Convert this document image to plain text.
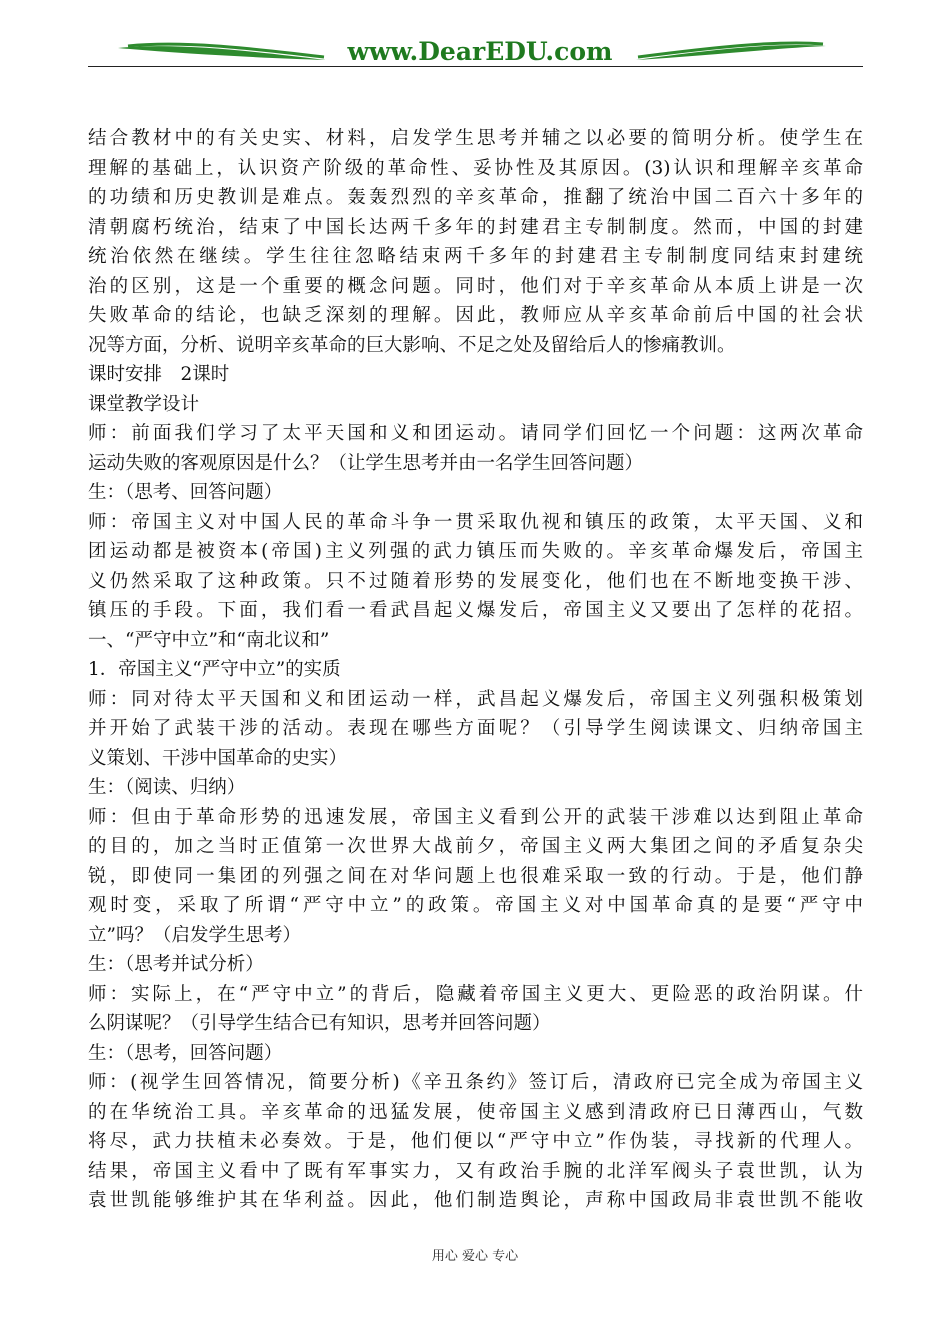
www.DearEDU.com
结合教材中的有关史实、材料，启发学生思考并辅之以必要的简明分析。使学生在
理解的基础上，认识资产阶级的革命性、妥协性及其原因。(3)认识和理解辛亥革命
的功绩和历史教训是难点。轰轰烈烈的辛亥革命，推翻了统治中国二百六十多年的
清朝腐朽统治，结束了中国长达两千多年的封建君主专制制度。然而，中国的封建
统治依然在继续。学生往往忽略结束两千多年的封建君主专制制度同结束封建统
治的区别，这是一个重要的概念问题。同时，他们对于辛亥革命从本质上讲是一次
失败革命的结论，也缺乏深刻的理解。因此，教师应从辛亥革命前后中国的社会状
况等方面，分析、说明辛亥革命的巨大影响、不足之处及留给后人的惨痛教训。
课时安排　2课时
课堂教学设计
师：前面我们学习了太平天国和义和团运动。请同学们回忆一个问题：这两次革命
运动失败的客观原因是什么？（让学生思考并由一名学生回答问题）
生：（思考、回答问题）
师：帝国主义对中国人民的革命斗争一贯采取仇视和镇压的政策，太平天国、义和
团运动都是被资本(帝国)主义列强的武力镇压而失败的。辛亥革命爆发后，帝国主
义仍然采取了这种政策。只不过随着形势的发展变化，他们也在不断地变换干涉、
镇压的手段。下面，我们看一看武昌起义爆发后，帝国主义又要出了怎样的花招。
一、“严守中立”和“南北议和”
1．帝国主义“严守中立”的实质
师：同对待太平天国和义和团运动一样，武昌起义爆发后，帝国主义列强积极策划
并开始了武装干涉的活动。表现在哪些方面呢？（引导学生阅读课文、归纳帝国主
义策划、干涉中国革命的史实）
生：（阅读、归纳）
师：但由于革命形势的迅速发展，帝国主义看到公开的武装干涉难以达到阻止革命
的目的，加之当时正值第一次世界大战前夕，帝国主义两大集团之间的矛盾复杂尖
锐，即使同一集团的列强之间在对华问题上也很难采取一致的行动。于是，他们静
观时变，采取了所谓“严守中立”的政策。帝国主义对中国革命真的是要“严守中
立”吗？（启发学生思考）
生：（思考并试分析）
师：实际上，在“严守中立”的背后，隐藏着帝国主义更大、更险恶的政治阴谋。什
么阴谋呢？（引导学生结合已有知识，思考并回答问题）
生：（思考，回答问题）
师：(视学生回答情况，简要分析)《辛丑条约》签订后，清政府已完全成为帝国主义
的在华统治工具。辛亥革命的迅猛发展，使帝国主义感到清政府已日薄西山，气数
将尽，武力扶植未必奏效。于是，他们便以“严守中立”作伪装，寻找新的代理人。
结果，帝国主义看中了既有军事实力，又有政治手腕的北洋军阀头子袁世凯，认为
袁世凯能够维护其在华利益。因此，他们制造舆论，声称中国政局非袁世凯不能收
用心 爱心 专心
